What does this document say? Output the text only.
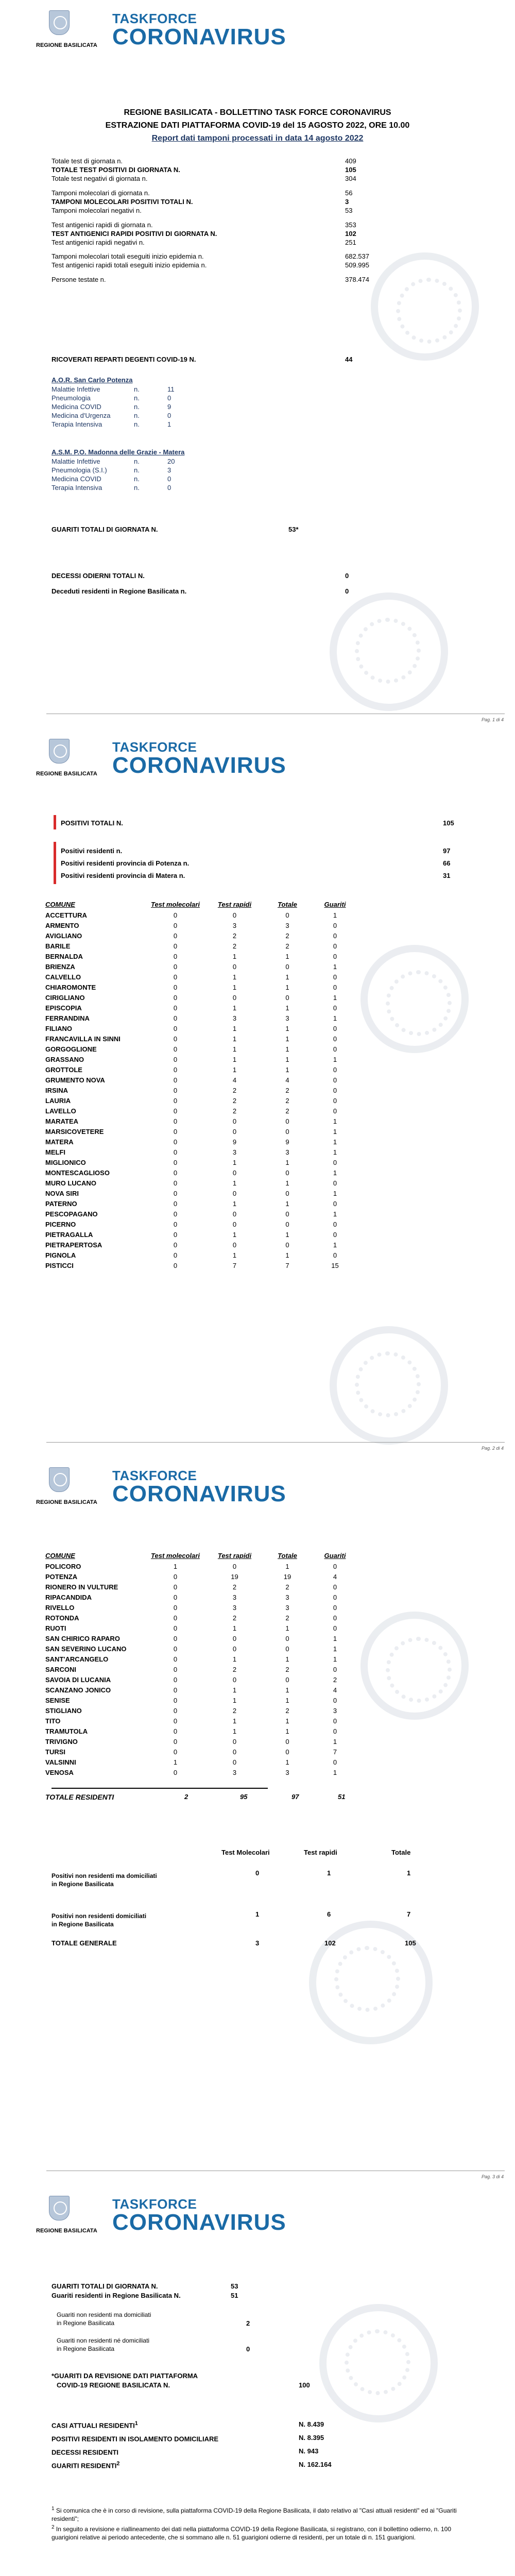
REGIONE BASILICATA
TASKFORCE
CORONAVIRUS
REGIONE BASILICATA - BOLLETTINO TASK FORCE CORONAVIRUS
ESTRAZIONE DATI PIATTAFORMA COVID-19 del 15 AGOSTO 2022, ORE 10.00
Report dati tamponi processati in data 14 agosto 2022
Totale test di giornata n.	409
TOTALE TEST POSITIVI DI GIORNATA N.	105
Totale test negativi di giornata n.	304
Tamponi molecolari di giornata n.	56
TAMPONI MOLECOLARI POSITIVI TOTALI N.	3
Tamponi molecolari negativi n.	53
Test antigenici rapidi di giornata n.	353
TEST ANTIGENICI RAPIDI POSITIVI DI GIORNATA N.	102
Test antigenici rapidi negativi n.	251
Tamponi molecolari totali eseguiti inizio epidemia n.	682.537
Test antigenici rapidi totali eseguiti inizio epidemia n.	509.995
Persone testate n.	378.474
RICOVERATI REPARTI DEGENTI COVID-19 N.	44
A.O.R. San Carlo Potenza
Malattie Infettive	n.	11
Pneumologia	n.	0
Medicina COVID	n.	9
Medicina d'Urgenza	n.	0
Terapia Intensiva	n.	1
A.S.M. P.O. Madonna delle Grazie - Matera
Malattie Infettive	n.	20
Pneumologia (S.I.)	n.	3
Medicina COVID	n.	0
Terapia Intensiva	n.	0
GUARITI TOTALI DI GIORNATA N.	53*
DECESSI ODIERNI TOTALI N.	0
Deceduti residenti in Regione Basilicata n.	0
Pag. 1 di 4
REGIONE BASILICATA
TASKFORCE
CORONAVIRUS
POSITIVI TOTALI N.	105
Positivi residenti n.	97
Positivi residenti provincia di Potenza n.	66
Positivi residenti provincia di Matera n.	31
COMUNE	Test molecolari	Test rapidi	Totale	Guariti
ACCETTURA	0	0	0	1
ARMENTO	0	3	3	0
AVIGLIANO	0	2	2	0
BARILE	0	2	2	0
BERNALDA	0	1	1	0
BRIENZA	0	0	0	1
CALVELLO	0	1	1	0
CHIAROMONTE	0	1	1	0
CIRIGLIANO	0	0	0	1
EPISCOPIA	0	1	1	0
FERRANDINA	0	3	3	1
FILIANO	0	1	1	0
FRANCAVILLA IN SINNI	0	1	1	0
GORGOGLIONE	0	1	1	0
GRASSANO	0	1	1	1
GROTTOLE	0	1	1	0
GRUMENTO NOVA	0	4	4	0
IRSINA	0	2	2	0
LAURIA	0	2	2	0
LAVELLO	0	2	2	0
MARATEA	0	0	0	1
MARSICOVETERE	0	0	0	1
MATERA	0	9	9	1
MELFI	0	3	3	1
MIGLIONICO	0	1	1	0
MONTESCAGLIOSO	0	0	0	1
MURO LUCANO	0	1	1	0
NOVA SIRI	0	0	0	1
PATERNO	0	1	1	0
PESCOPAGANO	0	0	0	1
PICERNO	0	0	0	0
PIETRAGALLA	0	1	1	0
PIETRAPERTOSA	0	0	0	1
PIGNOLA	0	1	1	0
PISTICCI	0	7	7	15
Pag. 2 di 4
REGIONE BASILICATA
TASKFORCE
CORONAVIRUS
COMUNE	Test molecolari	Test rapidi	Totale	Guariti
POLICORO	1	0	1	0
POTENZA	0	19	19	4
RIONERO IN VULTURE	0	2	2	0
RIPACANDIDA	0	3	3	0
RIVELLO	0	3	3	0
ROTONDA	0	2	2	0
RUOTI	0	1	1	0
SAN CHIRICO RAPARO	0	0	0	1
SAN SEVERINO LUCANO	0	0	0	1
SANT'ARCANGELO	0	1	1	1
SARCONI	0	2	2	0
SAVOIA DI LUCANIA	0	0	0	2
SCANZANO JONICO	0	1	1	4
SENISE	0	1	1	0
STIGLIANO	0	2	2	3
TITO	0	1	1	0
TRAMUTOLA	0	1	1	0
TRIVIGNO	0	0	0	1
TURSI	0	0	0	7
VALSINNI	1	0	1	0
VENOSA	0	3	3	1
TOTALE RESIDENTI	2	95	97	51
Test Molecolari	Test rapidi	Totale
Positivi non residenti ma domiciliati
in Regione Basilicata
0	1	1
Positivi non residenti domiciliati
in Regione Basilicata
1	6	7
TOTALE GENERALE	3	102	105
Pag. 3 di 4
REGIONE BASILICATA
TASKFORCE
CORONAVIRUS
GUARITI TOTALI DI GIORNATA N.	53
Guariti residenti in Regione Basilicata N.	51
Guariti non residenti ma domiciliati
in Regione Basilicata	2
Guariti non residenti né domiciliati
in Regione Basilicata	0
*GUARITI DA REVISIONE DATI PIATTAFORMA
COVID-19 REGIONE BASILICATA N.	100
CASI ATTUALI RESIDENTI$^1$	N. 8.439
POSITIVI RESIDENTI IN ISOLAMENTO DOMICILIARE	N. 8.395
DECESSI RESIDENTI	N. 943
GUARITI RESIDENTI$^2$	N. 162.164
$^1$ Si comunica che è in corso di revisione, sulla piattaforma COVID-19 della Regione Basilicata, il dato relativo al "Casi attuali residenti" ed ai "Guariti residenti";
$^2$ In seguito a revisione e riallineamento dei dati nella piattaforma COVID-19 della Regione Basilicata, si registrano, con il bollettino odierno, n. 100 guarigioni relative ai periodo antecedente, che si sommano alle n. 51 guarigioni odierne di residenti, per un totale di n. 151 guarigioni.
